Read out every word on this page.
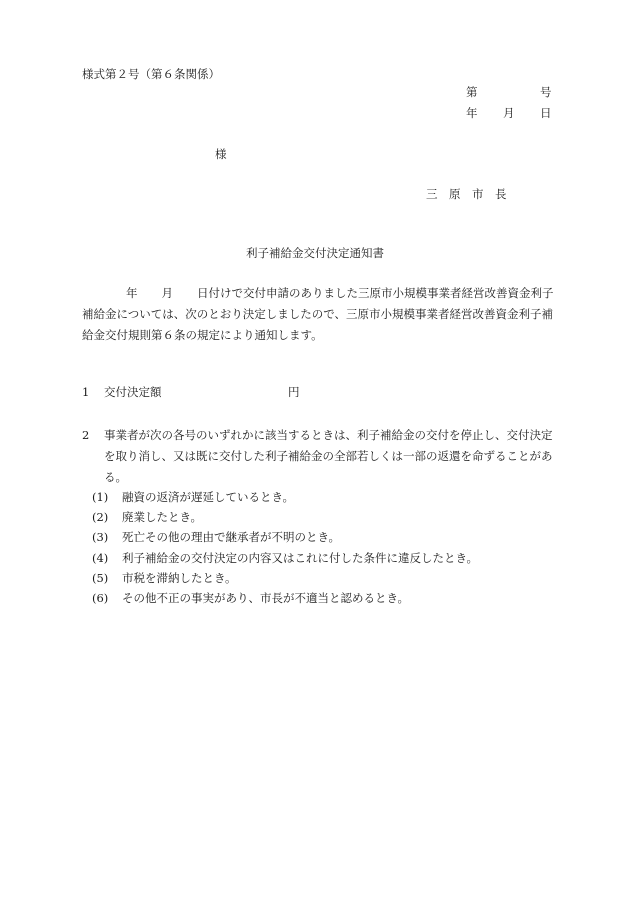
様式第２号（第６条関係）
第	号
年 月 日
様
三　原　市　長
利子補給金交付決定通知書
年 月 日付けで交付申請のありました三原市小規模事業者経営改善資金利子補給金については、次のとおり決定しましたので、三原市小規模事業者経営改善資金利子補給金交付規則第６条の規定により通知します。
1 交付決定額	円
2 事業者が次の各号のいずれかに該当するときは、利子補給金の交付を停止し、交付決定を取り消し、又は既に交付した利子補給金の全部若しくは一部の返還を命ずることがある。

(1) 融資の返済が遅延しているとき。
(2) 廃業したとき。
(3) 死亡その他の理由で継承者が不明のとき。
(4) 利子補給金の交付決定の内容又はこれに付した条件に違反したとき。
(5) 市税を滞納したとき。
(6) その他不正の事実があり、市長が不適当と認めるとき。
